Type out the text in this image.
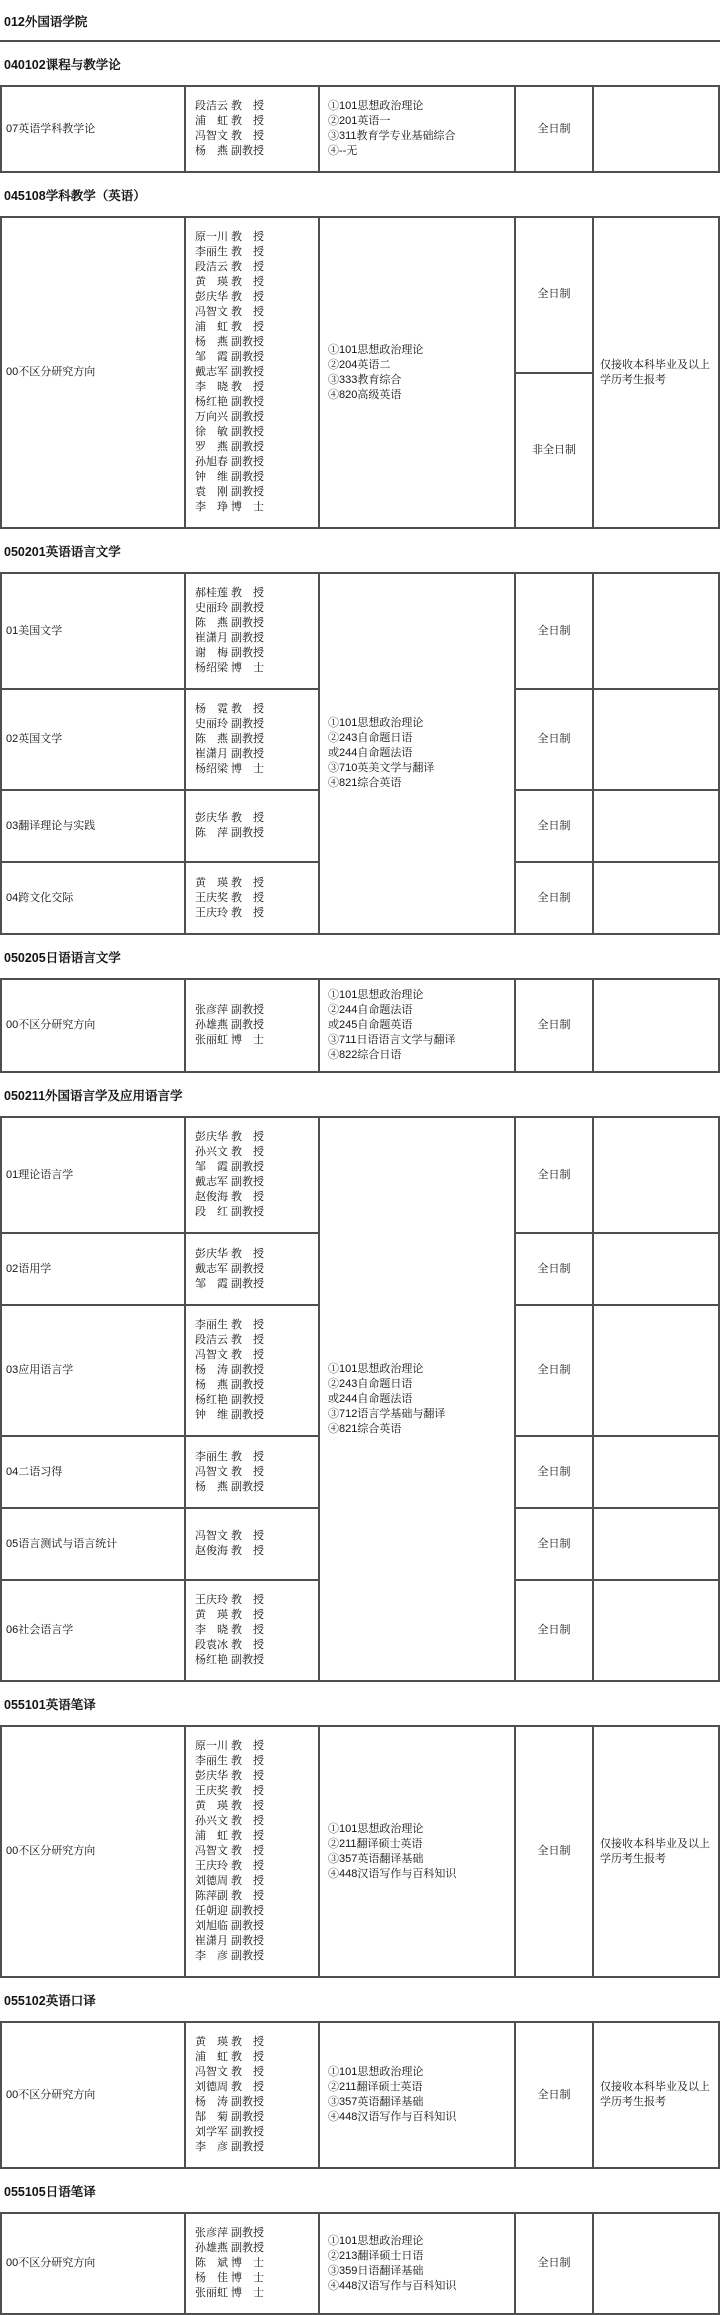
012外国语学院
040102课程与教学论
①101思想政治理论
②201英语一
③311教育学专业基础综合
④--无
07英语学科教学论
段洁云 教　授
浦　虹 教　授
冯智文 教　授
杨　燕 副教授
全日制
045108学科教学（英语）
①101思想政治理论
②204英语二
③333教育综合
④820高级英语
00不区分研究方向
原一川 教　授
李丽生 教　授
段洁云 教　授
黄　瑛 教　授
彭庆华 教　授
冯智文 教　授
浦　虹 教　授
杨　燕 副教授
邹　霞 副教授
戴志军 副教授
李　晓 教　授
杨红艳 副教授
万向兴 副教授
徐　敏 副教授
罗　燕 副教授
孙旭春 副教授
钟　维 副教授
袁　刚 副教授
李　琤 博　士
全日制
非全日制
仅接收本科毕业及以上学历考生报考
050201英语语言文学
①101思想政治理论
②243自命题日语
或244自命题法语
③710英美文学与翻译
④821综合英语
01美国文学
郝桂莲 教　授
史丽玲 副教授
陈　燕 副教授
崔潇月 副教授
谢　梅 副教授
杨绍梁 博　士
全日制
02英国文学
杨　霓 教　授
史丽玲 副教授
陈　燕 副教授
崔潇月 副教授
杨绍梁 博　士
全日制
03翻译理论与实践
彭庆华 教　授
陈　萍 副教授
全日制
04跨文化交际
黄　瑛 教　授
王庆奖 教　授
王庆玲 教　授
全日制
050205日语语言文学
①101思想政治理论
②244自命题法语
或245自命题英语
③711日语语言文学与翻译
④822综合日语
00不区分研究方向
张彦萍 副教授
孙雄燕 副教授
张丽虹 博　士
全日制
050211外国语言学及应用语言学
①101思想政治理论
②243自命题日语
或244自命题法语
③712语言学基础与翻译
④821综合英语
01理论语言学
彭庆华 教　授
孙兴文 教　授
邹　霞 副教授
戴志军 副教授
赵俊海 教　授
段　红 副教授
全日制
02语用学
彭庆华 教　授
戴志军 副教授
邹　霞 副教授
全日制
03应用语言学
李丽生 教　授
段洁云 教　授
冯智文 教　授
杨　涛 副教授
杨　燕 副教授
杨红艳 副教授
钟　维 副教授
全日制
04二语习得
李丽生 教　授
冯智文 教　授
杨　燕 副教授
全日制
05语言测试与语言统计
冯智文 教　授
赵俊海 教　授
全日制
06社会语言学
王庆玲 教　授
黄　瑛 教　授
李　晓 教　授
段袁冰 教　授
杨红艳 副教授
全日制
055101英语笔译
①101思想政治理论
②211翻译硕士英语
③357英语翻译基础
④448汉语写作与百科知识
00不区分研究方向
原一川 教　授
李丽生 教　授
彭庆华 教　授
王庆奖 教　授
黄　瑛 教　授
孙兴文 教　授
浦　虹 教　授
冯智文 教　授
王庆玲 教　授
刘德周 教　授
陈萍副 教　授
任朝迎 副教授
刘旭临 副教授
崔潇月 副教授
李　彦 副教授
全日制
仅接收本科毕业及以上学历考生报考
055102英语口译
①101思想政治理论
②211翻译硕士英语
③357英语翻译基础
④448汉语写作与百科知识
00不区分研究方向
黄　瑛 教　授
浦　虹 教　授
冯智文 教　授
刘德周 教　授
杨　涛 副教授
郜　菊 副教授
刘学军 副教授
李　彦 副教授
全日制
仅接收本科毕业及以上学历考生报考
055105日语笔译
①101思想政治理论
②213翻译硕士日语
③359日语翻译基础
④448汉语写作与百科知识
00不区分研究方向
张彦萍 副教授
孙雄燕 副教授
陈　斌 博　士
杨　佳 博　士
张丽虹 博　士
全日制
